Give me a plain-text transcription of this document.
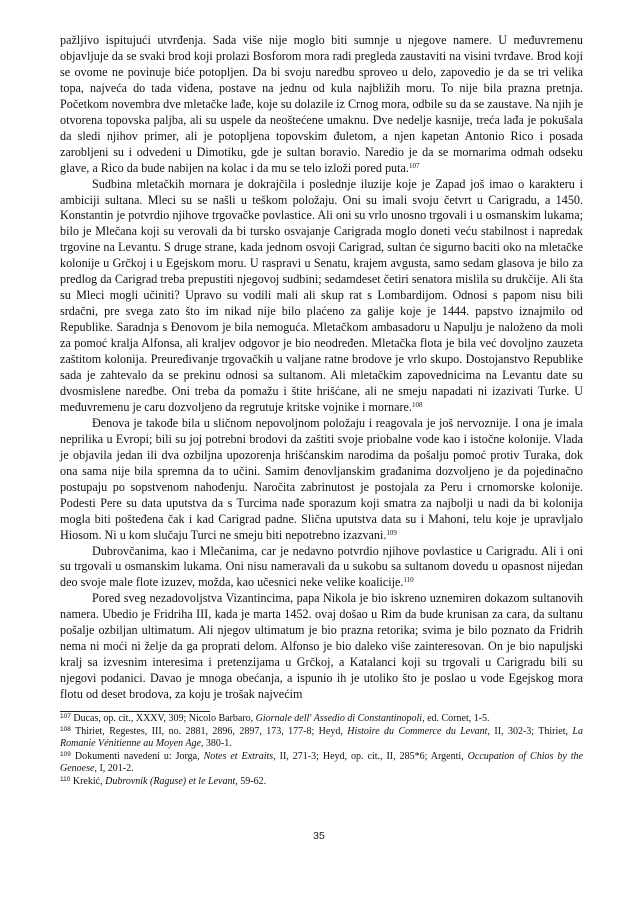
pažljivo ispitujući utvrđenja. Sada više nije moglo biti sumnje u njegove namere. U međuvremenu objavljuje da se svaki brod koji prolazi Bosforom mora radi pregleda zaustaviti na visini tvrđave. Brod koji se ovome ne povinuje biće potopljen. Da bi svoju naredbu sproveo u delo, zapovedio je da se tri velika topa, najveća do tada viđena, postave na jednu od kula najbližih moru. To nije bila prazna pretnja. Početkom novembra dve mletačke lađe, koje su dolazile iz Crnog mora, odbile su da se zaustave. Na njih je otvorena topovska paljba, ali su uspele da neoštećene umaknu. Dve nedelje kasnije, treća lađa je pokušala da sledi njihov primer, ali je potopljena topovskim đuletom, a njen kapetan Antonio Rico i posada zarobljeni su i odvedeni u Dimotiku, gde je sultan boravio. Naredio je da se mornarima odmah odseku glave, a Rico da bude nabijen na kolac i da mu se telo izloži pored puta.$^{107}$

Sudbina mletačkih mornara je dokrajčila i poslednje iluzije koje je Zapad još imao o karakteru i ambiciji sultana. Mleci su se našli u teškom položaju. Oni su imali svoju četvrt u Carigradu, a 1450. Konstantin je potvrdio njihove trgovačke povlastice. Ali oni su vrlo unosno trgovali i u osmanskim lukama; bilo je Mlečana koji su verovali da bi tursko osvajanje Carigrada moglo doneti veću stabilnost i napredak trgovine na Levantu. S druge strane, kada jednom osvoji Carigrad, sultan će sigurno baciti oko na mletačke kolonije u Grčkoj i u Egejskom moru. U raspravi u Senatu, krajem avgusta, samo sedam glasova je bilo za predlog da Carigrad treba prepustiti njegovoj sudbini; sedamdeset četiri senatora mislila su drukčije. Ali šta su Mleci mogli učiniti? Upravo su vodili mali ali skup rat s Lombardijom. Odnosi s papom nisu bili srdačni, pre svega zato što im nikad nije bilo plaćeno za galije koje je 1444. papstvo iznajmilo od Republike. Saradnja s Đenovom je bila nemoguća. Mletačkom ambasadoru u Napulju je naloženo da moli za pomoć kralja Alfonsa, ali kraljev odgovor je bio neodređen. Mletačka flota je bila već dovoljno zauzeta zaštitom kolonija. Preuređivanje trgovačkih u valjane ratne brodove je vrlo skupo. Dostojanstvo Republike sada je zahtevalo da se prekinu odnosi sa sultanom. Ali mletačkim zapovednicima na Levantu date su dvosmislene naredbe. Oni treba da pomažu i štite hrišćane, ali ne smeju napadati ni izazivati Turke. U međuvremenu je caru dozvoljeno da regrutuje kritske vojnike i mornare.$^{108}$

Đenova je takođe bila u sličnom nepovoljnom položaju i reagovala je još nervoznije. I ona je imala neprilika u Evropi; bili su joj potrebni brodovi da zaštiti svoje priobalne vode kao i istočne kolonije. Vlada je objavila jedan ili dva ozbiljna upozorenja hrišćanskim narodima da pošalju pomoć protiv Turaka, dok ona sama nije bila spremna da to učini. Samim đenovljanskim građanima dozvoljeno je da pojedinačno postupaju po sopstvenom nahođenju. Naročita zabrinutost je postojala za Peru i crnomorske kolonije. Podesti Pere su data uputstva da s Turcima nađe sporazum koji smatra za najbolji u nadi da bi kolonija mogla biti pošteđena čak i kad Carigrad padne. Slična uputstva data su i Mahoni, telu koje je upravljalo Hiosom. Ni u kom slučaju Turci ne smeju biti nepotrebno izazvani.$^{109}$

Dubrovčanima, kao i Mlečanima, car je nedavno potvrdio njihove povlastice u Carigradu. Ali i oni su trgovali u osmanskim lukama. Oni nisu nameravali da u sukobu sa sultanom dovedu u opasnost nijedan deo svoje male flote izuzev, možda, kao učesnici neke velike koalicije.$^{110}$

Pored sveg nezadovoljstva Vizantincima, papa Nikola je bio iskreno uznemiren dokazom sultanovih namera. Ubedio je Fridriha III, kada je marta 1452. ovaj došao u Rim da bude krunisan za cara, da sultanu pošalje ozbiljan ultimatum. Ali njegov ultimatum je bio prazna retorika; svima je bilo poznato da Fridrih nema ni moći ni želje da ga proprati delom. Alfonso je bio daleko više zainteresovan. On je bio napuljski kralj sa izvesnim interesima i pretenzijama u Grčkoj, a Katalanci koji su trgovali u Carigradu bili su njegovi podanici. Davao je mnoga obećanja, a ispunio ih je utoliko što je poslao u vode Egejskog mora flotu od deset brodova, za koju je trošak najvećim

$^{107}$ Ducas, op. cit., XXXV, 309; Nicolo Barbaro, Giornale dell' Assedio di Constantinopoli, ed. Cornet, 1-5.

$^{108}$ Thiriet, Regestes, III, no. 2881, 2896, 2897, 173, 177-8; Heyd, Histoire du Commerce du Levant, II, 302-3; Thiriet, La Romanie Vénitienne au Moyen Age, 380-1.

$^{109}$ Dokumenti navedeni u: Jorga, Notes et Extraits, II, 271-3; Heyd, op. cit., II, 285*6; Argenti, Occupation of Chios by the Genoese, I, 201-2.

$^{110}$ Krekić, Dubrovnik (Raguse) et le Levant, 59-62.

35
